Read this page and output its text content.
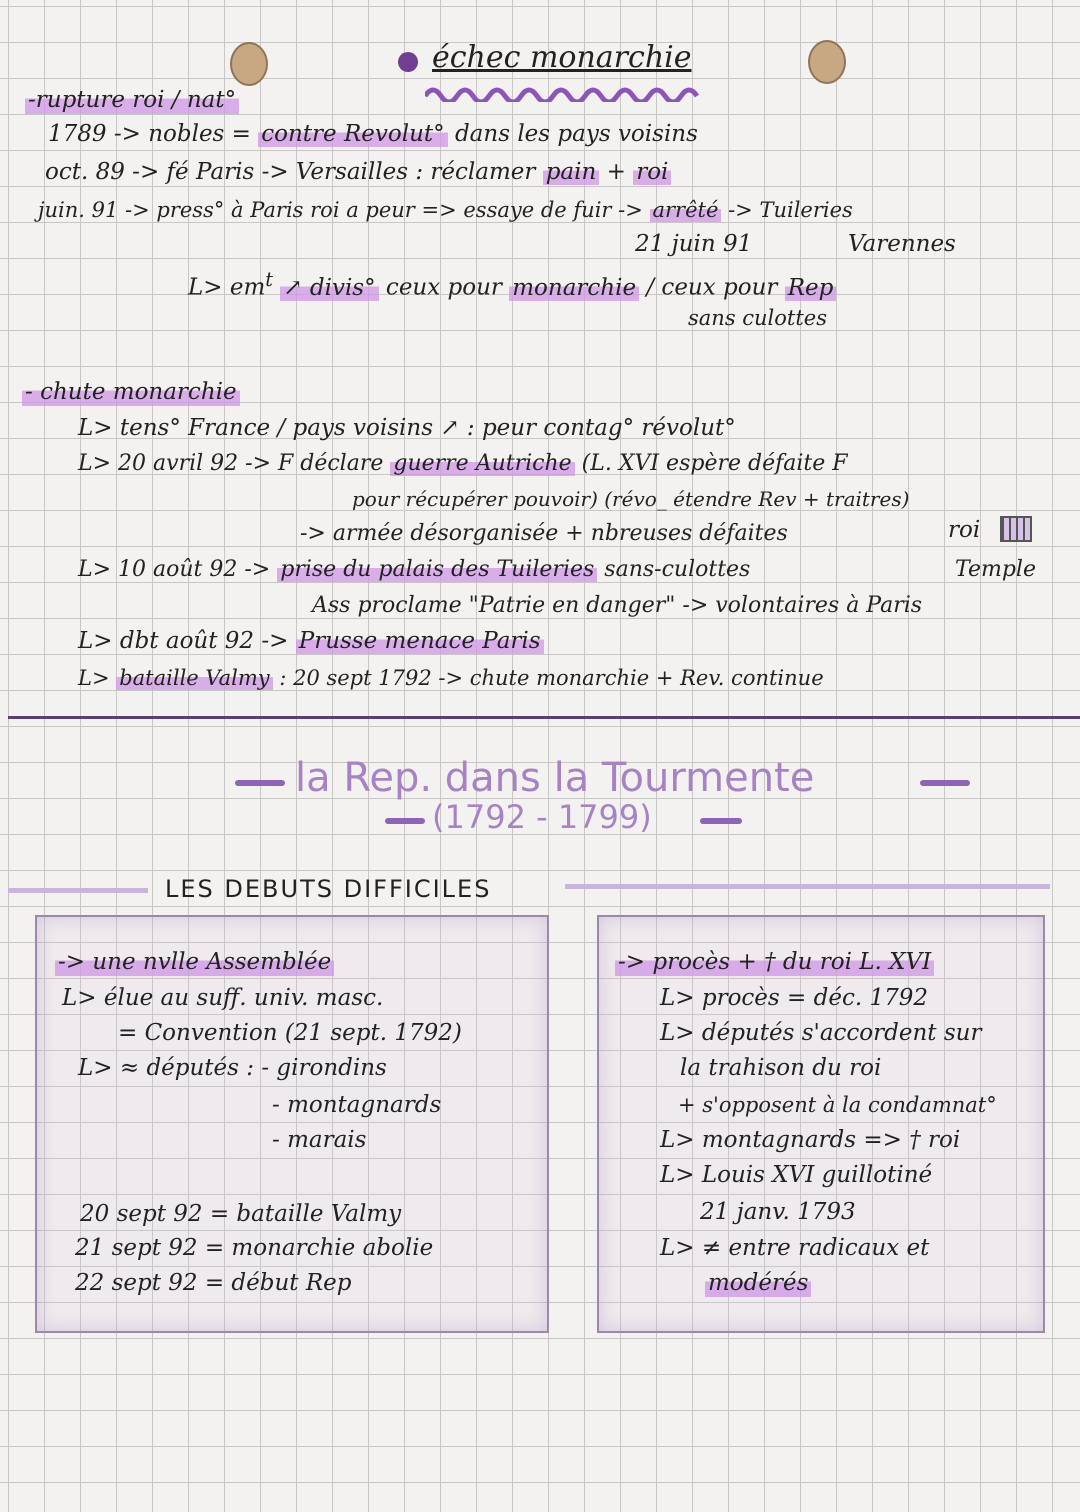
échec monarchie
-rupture roi / nat°
1789 -> nobles = contre Revolut° dans les pays voisins
oct. 89 -> fé Paris -> Versailles : réclamer pain + roi
juin. 91 -> press° à Paris roi a peur => essaye de fuir -> arrêté -> Tuileries
21 juin 91	Varennes
$L> em^t$ ↗ divis° ceux pour monarchie / ceux pour Rep
sans culottes
- chute monarchie
L> tens° France / pays voisins ↗ : peur contag° révolut°
L> 20 avril 92 -> F déclare guerre Autriche (L. XVI espère défaite F
pour récupérer pouvoir) (révo_ étendre Rev + traitres)
-> armée désorganisée + nbreuses défaites	roi
L> 10 août 92 -> prise du palais des Tuileries sans-culottes	Temple
Ass proclame "Patrie en danger" -> volontaires à Paris
L> dbt août 92 -> Prusse menace Paris
L> bataille Valmy : 20 sept 1792 -> chute monarchie + Rev. continue
la Rep. dans la Tourmente
(1792 - 1799)
LES DEBUTS DIFFICILES
-> une nvlle Assemblée
L> élue au suff. univ. masc.
= Convention (21 sept. 1792)
L> ≈ députés : - girondins
- montagnards
- marais
20 sept 92 = bataille Valmy
21 sept 92 = monarchie abolie
22 sept 92 = début Rep
-> procès + † du roi L. XVI
L> procès = déc. 1792
L> députés s'accordent sur
la trahison du roi
+ s'opposent à la condamnat°
L> montagnards => † roi
L> Louis XVI guillotiné
21 janv. 1793
L> ≠ entre radicaux et
modérés
